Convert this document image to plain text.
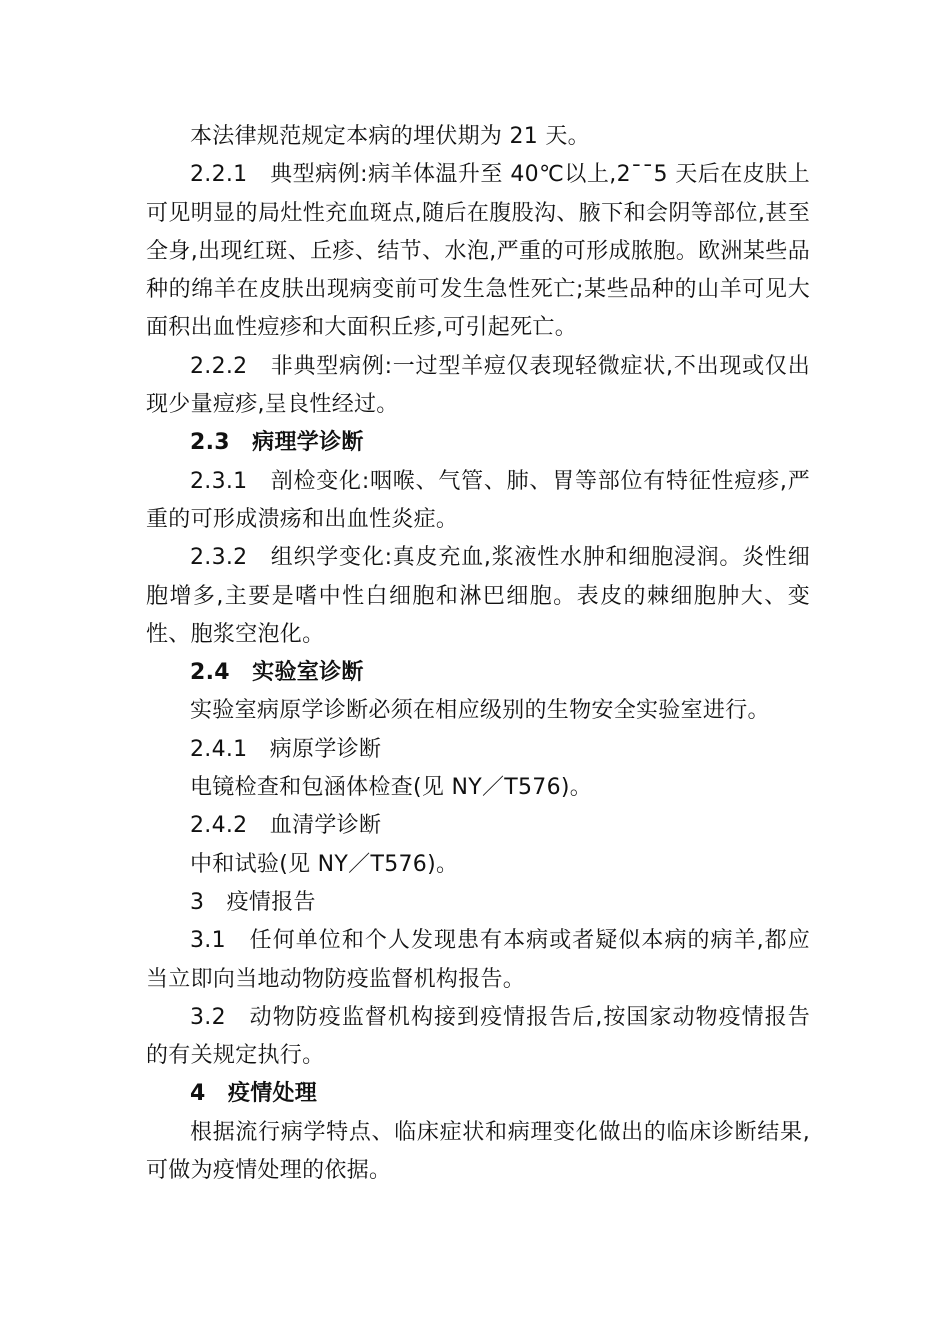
本法律规范规定本病的埋伏期为 21 天。

2.2.1　典型病例:病羊体温升至 40℃以上,2¯¯5 天后在皮肤上可见明显的局灶性充血斑点,随后在腹股沟、腋下和会阴等部位,甚至全身,出现红斑、丘疹、结节、水泡,严重的可形成脓胞。欧洲某些品种的绵羊在皮肤出现病变前可发生急性死亡;某些品种的山羊可见大面积出血性痘疹和大面积丘疹,可引起死亡。

2.2.2　非典型病例:一过型羊痘仅表现轻微症状,不出现或仅出现少量痘疹,呈良性经过。

2.3　病理学诊断

2.3.1　剖检变化:咽喉、气管、肺、胃等部位有特征性痘疹,严重的可形成溃疡和出血性炎症。

2.3.2　组织学变化:真皮充血,浆液性水肿和细胞浸润。炎性细胞增多,主要是嗜中性白细胞和淋巴细胞。表皮的棘细胞肿大、变性、胞浆空泡化。

2.4　实验室诊断

实验室病原学诊断必须在相应级别的生物安全实验室进行。

2.4.1　病原学诊断

电镜检查和包涵体检查(见 NY／T576)。

2.4.2　血清学诊断

中和试验(见 NY／T576)。

3　疫情报告

3.1　任何单位和个人发现患有本病或者疑似本病的病羊,都应当立即向当地动物防疫监督机构报告。

3.2　动物防疫监督机构接到疫情报告后,按国家动物疫情报告的有关规定执行。

4　疫情处理

根据流行病学特点、临床症状和病理变化做出的临床诊断结果,可做为疫情处理的依据。
